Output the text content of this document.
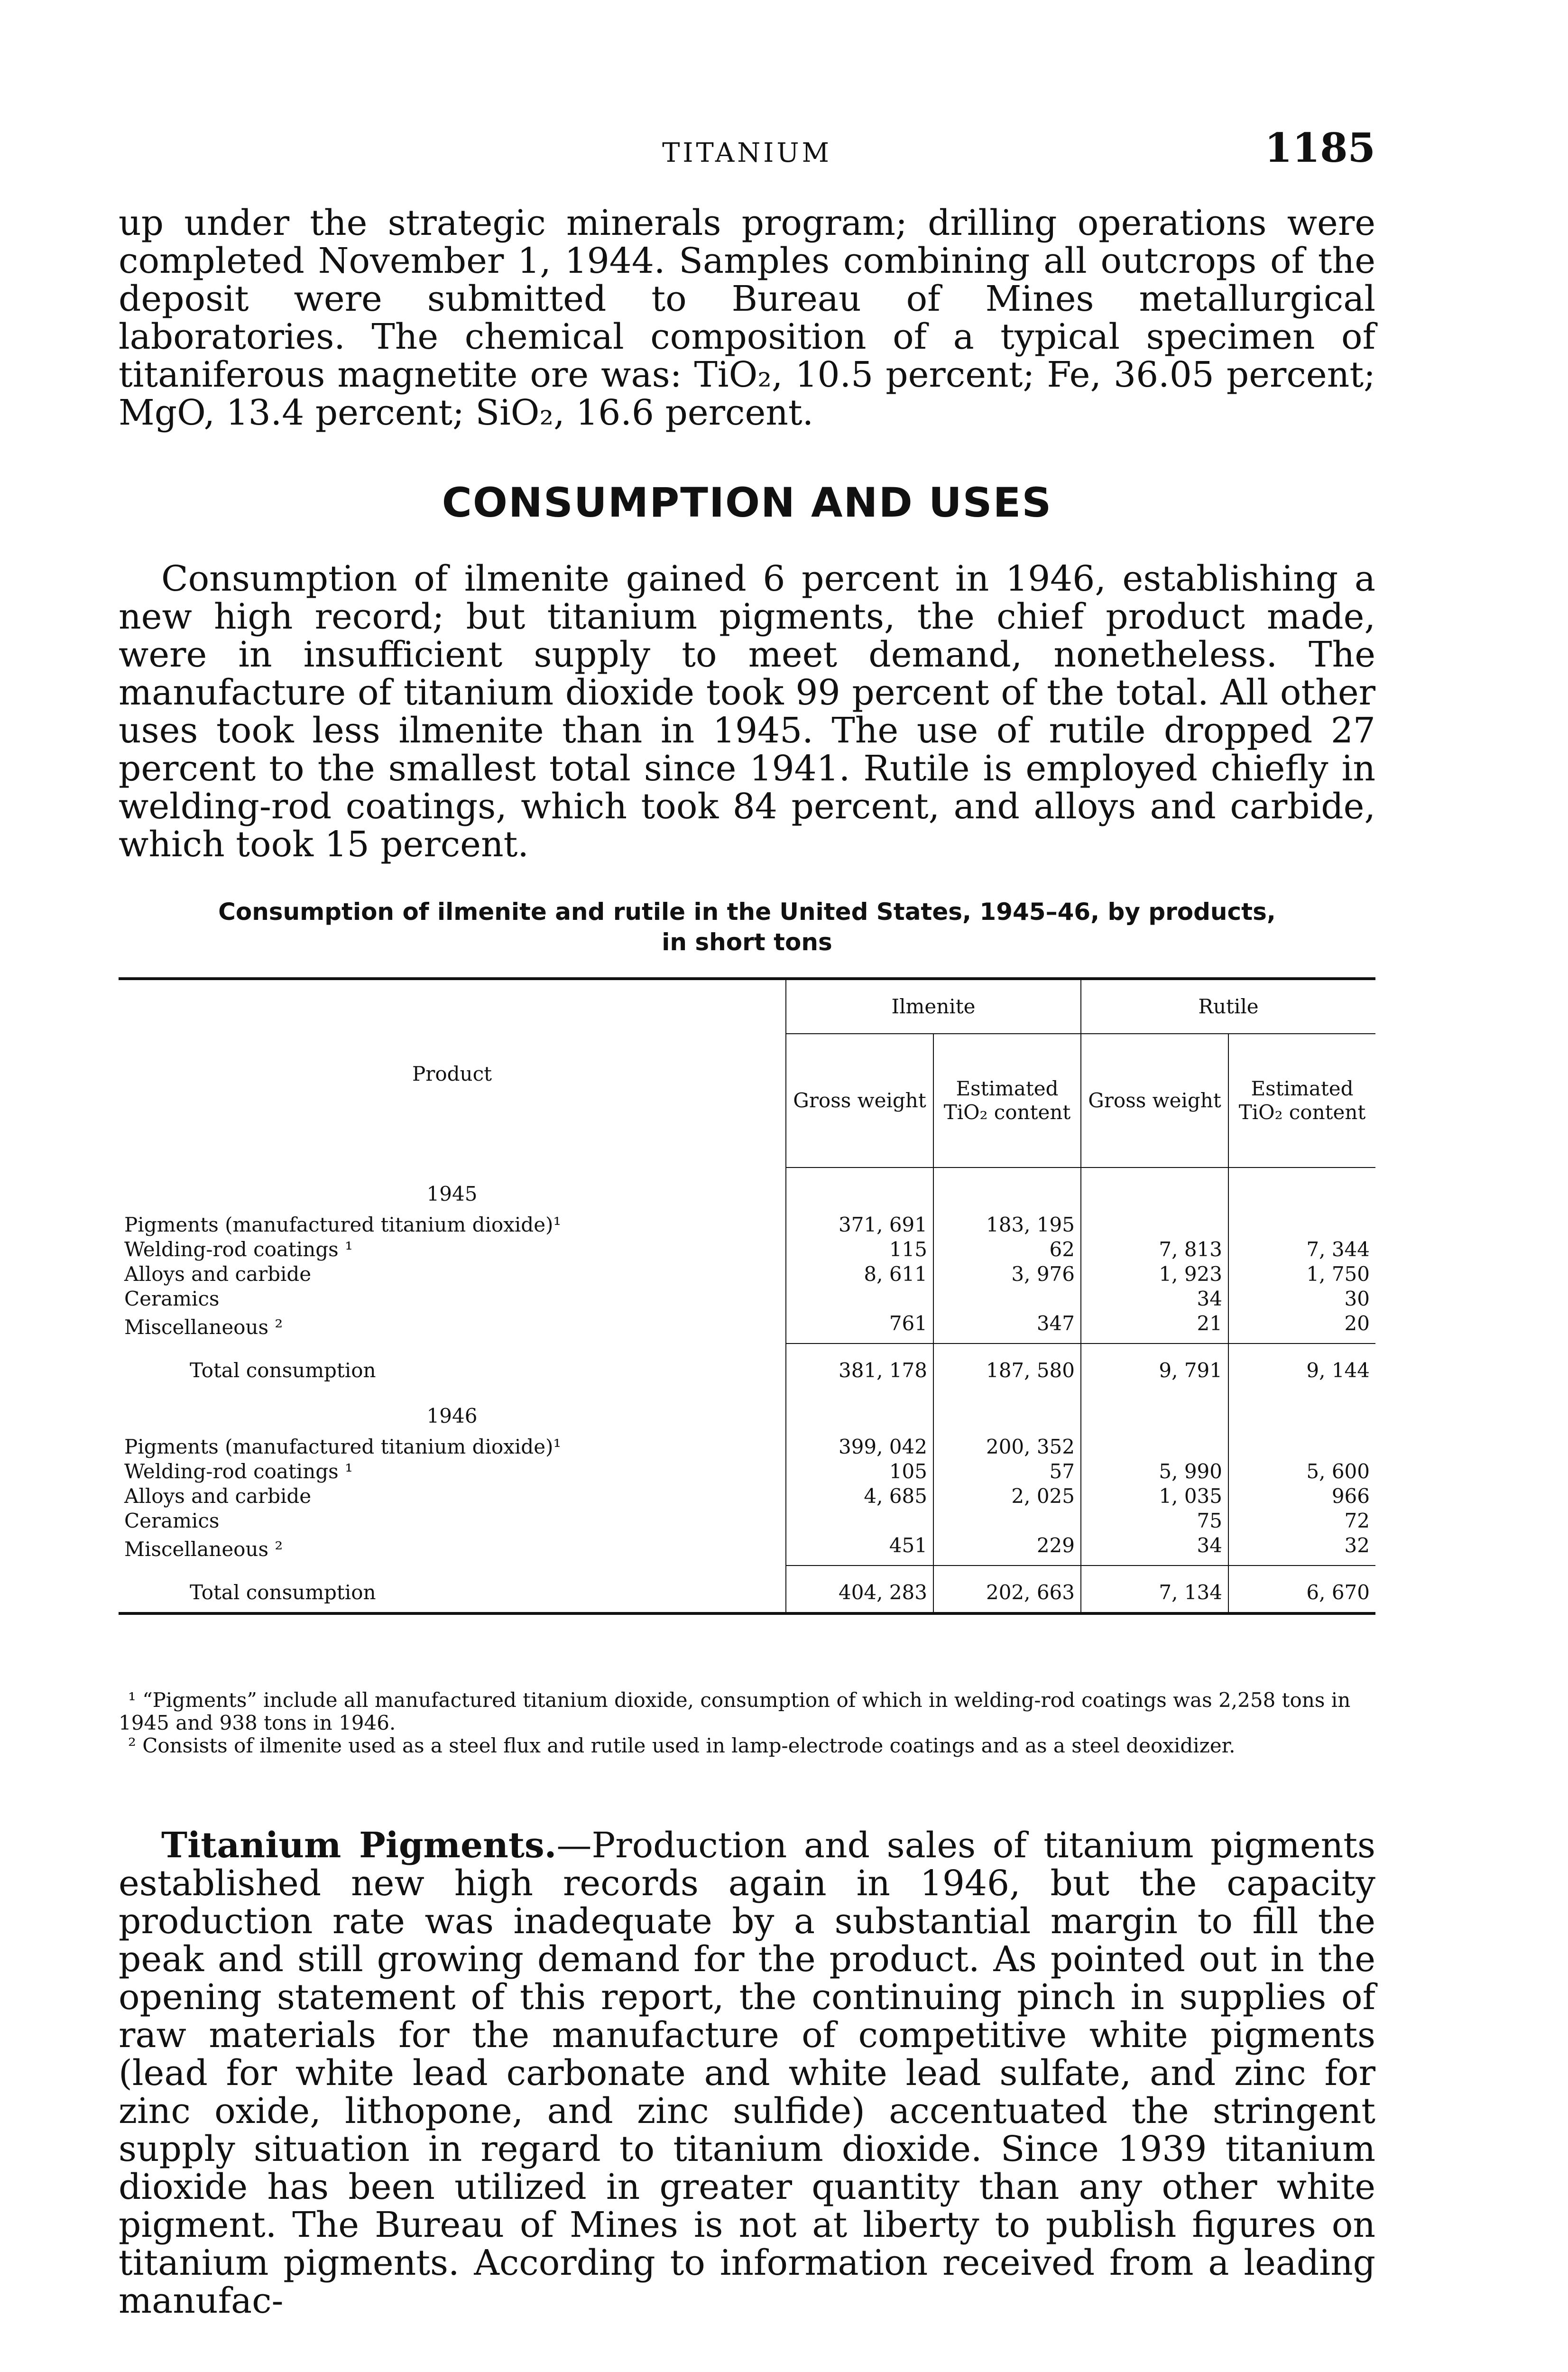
TITANIUM	1185

up under the strategic minerals program; drilling operations were completed November 1, 1944. Samples combining all outcrops of the deposit were submitted to Bureau of Mines metallurgical laboratories. The chemical composition of a typical specimen of titaniferous magnetite ore was: TiO₂, 10.5 percent; Fe, 36.05 percent; MgO, 13.4 percent; SiO₂, 16.6 percent.

CONSUMPTION AND USES

Consumption of ilmenite gained 6 percent in 1946, establishing a new high record; but titanium pigments, the chief product made, were in insufficient supply to meet demand, nonetheless. The manufacture of titanium dioxide took 99 percent of the total. All other uses took less ilmenite than in 1945. The use of rutile dropped 27 percent to the smallest total since 1941. Rutile is employed chiefly in welding-rod coatings, which took 84 percent, and alloys and carbide, which took 15 percent.

Consumption of ilmenite and rutile in the United States, 1945–46, by products,
in short tons
Product	Ilmenite		Rutile	
	Gross weight	Estimated TiO₂ content	Gross weight	Estimated TiO₂ content
1945				
Pigments (manufactured titanium dioxide)¹	371, 691	183, 195		
Welding-rod coatings ¹	115	62	7, 813	7, 344
Alloys and carbide	8, 611	3, 976	1, 923	1, 750
Ceramics			34	30
Miscellaneous ²	761	347	21	20
Total consumption	381, 178	187, 580	9, 791	9, 144
1946				
Pigments (manufactured titanium dioxide)¹	399, 042	200, 352		
Welding-rod coatings ¹	105	57	5, 990	5, 600
Alloys and carbide	4, 685	2, 025	1, 035	966
Ceramics			75	72
Miscellaneous ²	451	229	34	32
Total consumption	404, 283	202, 663	7, 134	6, 670

¹ “Pigments” include all manufactured titanium dioxide, consumption of which in welding-rod coatings was 2,258 tons in 1945 and 938 tons in 1946.

² Consists of ilmenite used as a steel flux and rutile used in lamp-electrode coatings and as a steel deoxidizer.

Titanium Pigments.—Production and sales of titanium pigments established new high records again in 1946, but the capacity production rate was inadequate by a substantial margin to fill the peak and still growing demand for the product. As pointed out in the opening statement of this report, the continuing pinch in supplies of raw materials for the manufacture of competitive white pigments (lead for white lead carbonate and white lead sulfate, and zinc for zinc oxide, lithopone, and zinc sulfide) accentuated the stringent supply situation in regard to titanium dioxide. Since 1939 titanium dioxide has been utilized in greater quantity than any other white pigment. The Bureau of Mines is not at liberty to publish figures on titanium pigments. According to information received from a leading manufac-
